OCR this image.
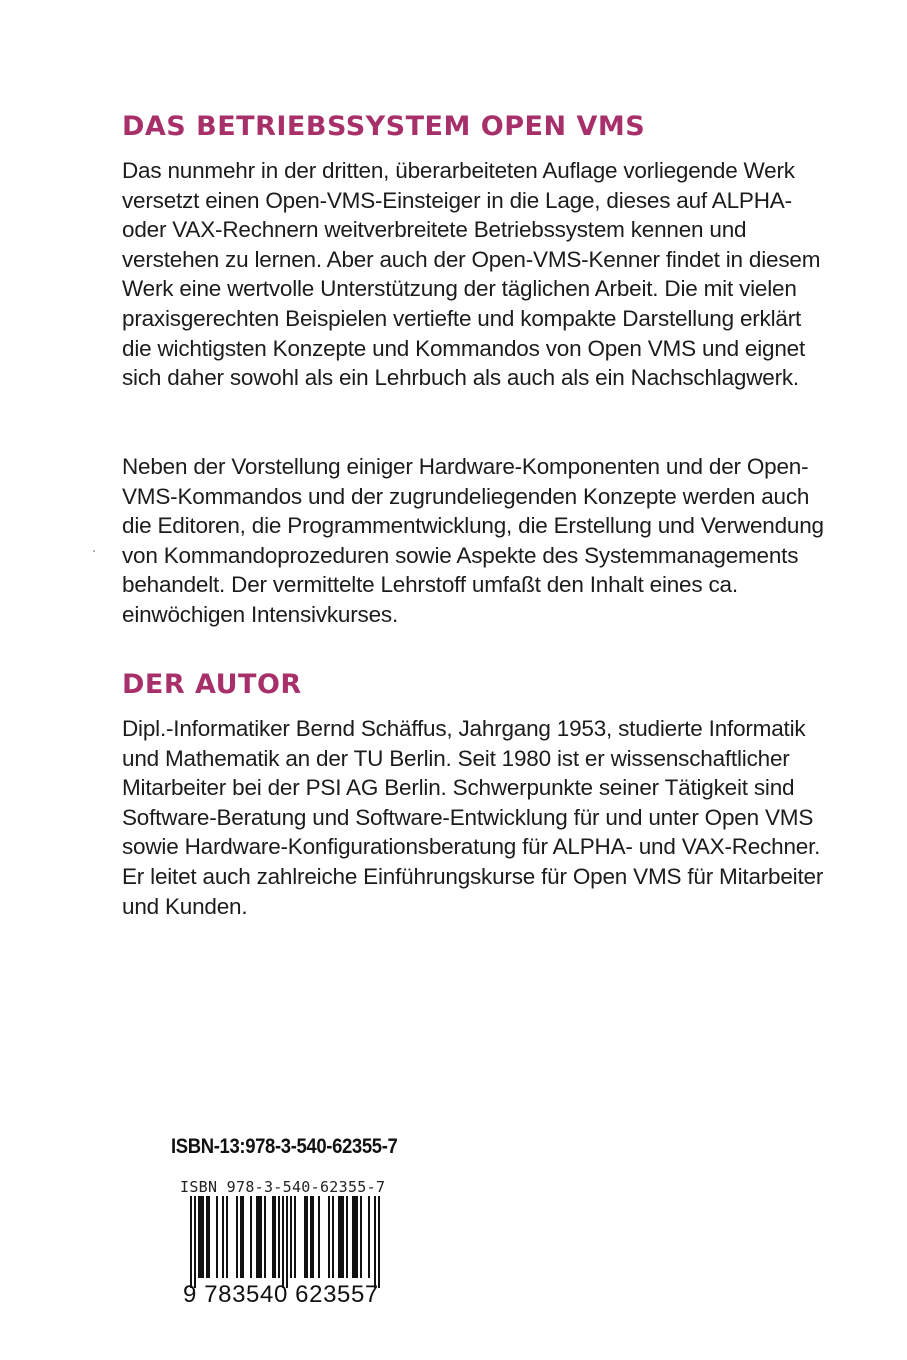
DAS BETRIEBSSYSTEM OPEN VMS

Das nunmehr in der dritten, überarbeiteten Auflage vorliegende Werk versetzt einen Open-VMS-Einsteiger in die Lage, dieses auf ALPHA- oder VAX-Rechnern weitverbreitete Betriebssystem kennen und verstehen zu lernen. Aber auch der Open-VMS-Kenner findet in diesem Werk eine wertvolle Unterstützung der täglichen Arbeit. Die mit vielen praxisgerechten Beispielen vertiefte und kompakte Darstellung erklärt die wichtigsten Konzepte und Kommandos von Open VMS und eignet sich daher sowohl als ein Lehrbuch als auch als ein Nachschlagwerk.

Neben der Vorstellung einiger Hardware-Komponenten und der Open-VMS-Kommandos und der zugrundeliegenden Konzepte werden auch die Editoren, die Programmentwicklung, die Erstellung und Verwendung von Kommandoprozeduren sowie Aspekte des Systemmanagements behandelt. Der vermittelte Lehrstoff umfaßt den Inhalt eines ca. einwöchigen Intensivkurses.

DER AUTOR

Dipl.-Informatiker Bernd Schäffus, Jahrgang 1953, studierte Informatik und Mathematik an der TU Berlin. Seit 1980 ist er wissenschaftlicher Mitarbeiter bei der PSI AG Berlin. Schwerpunkte seiner Tätigkeit sind Software-Beratung und Software-Entwicklung für und unter Open VMS sowie Hardware-Konfigurationsberatung für ALPHA- und VAX-Rechner. Er leitet auch zahlreiche Einführungskurse für Open VMS für Mitarbeiter und Kunden.

ISBN-13:978-3-540-62355-7
ISBN 978-3-540-62355-7
9 783540 623557
